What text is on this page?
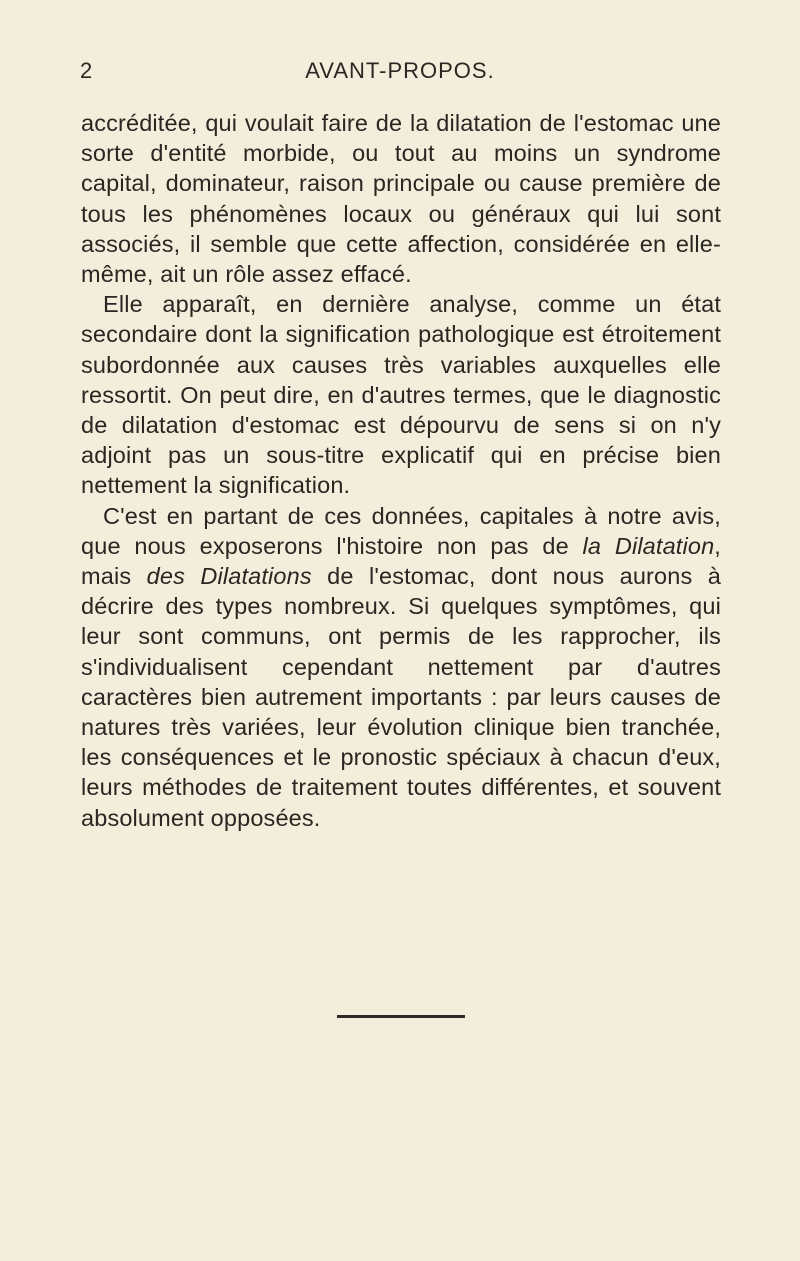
2	AVANT-PROPOS.

accréditée, qui voulait faire de la dilatation de l'estomac une sorte d'entité morbide, ou tout au moins un syndrome capital, dominateur, raison principale ou cause première de tous les phénomènes locaux ou généraux qui lui sont associés, il semble que cette affection, considérée en elle-même, ait un rôle assez effacé.

Elle apparaît, en dernière analyse, comme un état secondaire dont la signification pathologique est étroitement subordonnée aux causes très variables auxquelles elle ressortit. On peut dire, en d'autres termes, que le diagnostic de dilatation d'estomac est dépourvu de sens si on n'y adjoint pas un sous-titre explicatif qui en précise bien nettement la signification.

C'est en partant de ces données, capitales à notre avis, que nous exposerons l'histoire non pas de la Dilatation, mais des Dilatations de l'estomac, dont nous aurons à décrire des types nombreux. Si quelques symptômes, qui leur sont communs, ont permis de les rapprocher, ils s'individualisent cependant nettement par d'autres caractères bien autrement importants : par leurs causes de natures très variées, leur évolution clinique bien tranchée, les conséquences et le pronostic spéciaux à chacun d'eux, leurs méthodes de traitement toutes différentes, et souvent absolument opposées.
